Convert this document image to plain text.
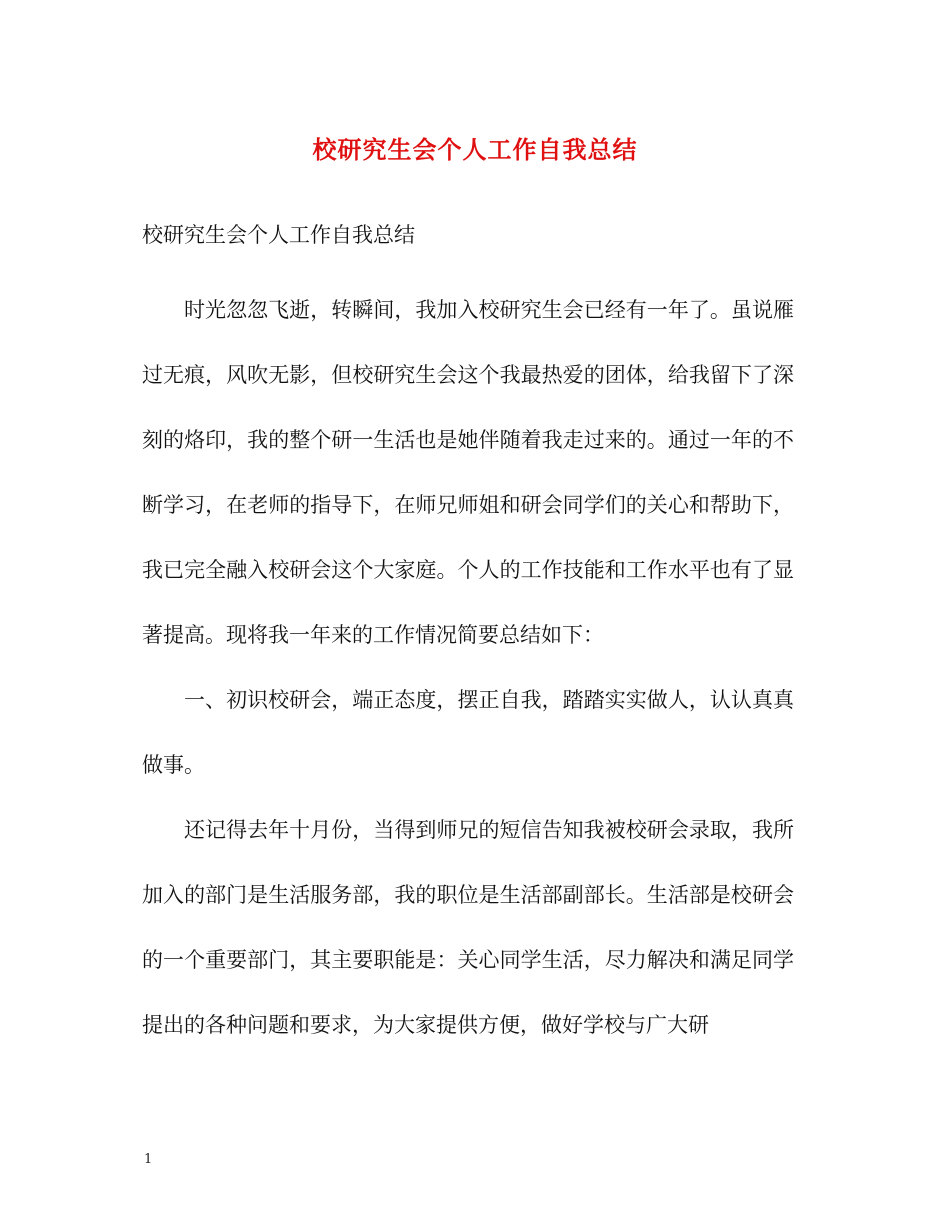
校研究生会个人工作自我总结

校研究生会个人工作自我总结

时光忽忽飞逝，转瞬间，我加入校研究生会已经有一年了。虽说雁过无痕，风吹无影，但校研究生会这个我最热爱的团体，给我留下了深刻的烙印，我的整个研一生活也是她伴随着我走过来的。通过一年的不断学习，在老师的指导下，在师兄师姐和研会同学们的关心和帮助下，我已完全融入校研会这个大家庭。个人的工作技能和工作水平也有了显著提高。现将我一年来的工作情况简要总结如下：

一、初识校研会，端正态度，摆正自我，踏踏实实做人，认认真真做事。

还记得去年十月份，当得到师兄的短信告知我被校研会录取，我所加入的部门是生活服务部，我的职位是生活部副部长。生活部是校研会的一个重要部门，其主要职能是：关心同学生活，尽力解决和满足同学提出的各种问题和要求，为大家提供方便，做好学校与广大研

1
